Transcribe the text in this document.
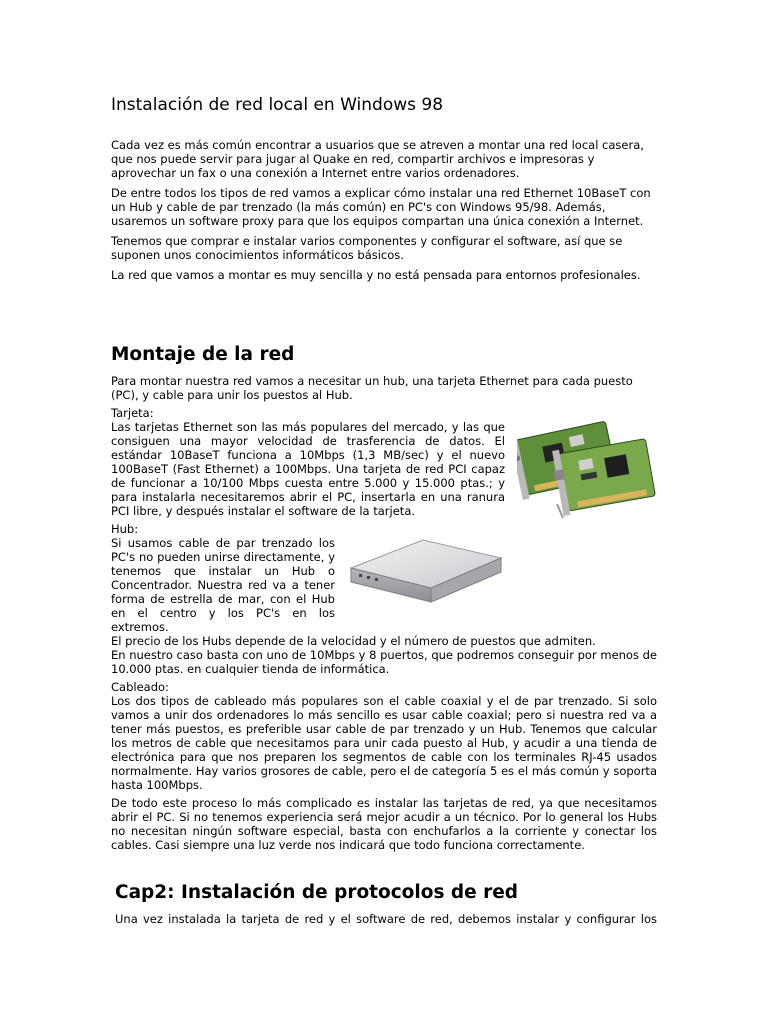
Instalación de red local en Windows 98

Cada vez es más común encontrar a usuarios que se atreven a montar una red local casera, que nos puede servir para jugar al Quake en red, compartir archivos e impresoras y aprovechar un fax o una conexión a Internet entre varios ordenadores.

De entre todos los tipos de red vamos a explicar cómo instalar una red Ethernet 10BaseT con un Hub y cable de par trenzado (la más común) en PC's con Windows 95/98. Además, usaremos un software proxy para que los equipos compartan una única conexión a Internet.

Tenemos que comprar e instalar varios componentes y configurar el software, así que se suponen unos conocimientos informáticos básicos.

La red que vamos a montar es muy sencilla y no está pensada para entornos profesionales.

Montaje de la red

Para montar nuestra red vamos a necesitar un hub, una tarjeta Ethernet para cada puesto (PC), y cable para unir los puestos al Hub.

Tarjeta:

Las tarjetas Ethernet son las más populares del mercado, y las que consiguen una mayor velocidad de trasferencia de datos. El estándar 10BaseT funciona a 10Mbps (1,3 MB/sec) y el nuevo 100BaseT (Fast Ethernet) a 100Mbps. Una tarjeta de red PCI capaz de funcionar a 10/100 Mbps cuesta entre 5.000 y 15.000 ptas.; y para instalarla necesitaremos abrir el PC, insertarla en una ranura PCI libre, y después instalar el software de la tarjeta.

Hub:

Si usamos cable de par trenzado los PC's no pueden unirse directamente, y tenemos que instalar un Hub o Concentrador. Nuestra red va a tener forma de estrella de mar, con el Hub en el centro y los PC's en los extremos.

El precio de los Hubs depende de la velocidad y el número de puestos que admiten.

En nuestro caso basta con uno de 10Mbps y 8 puertos, que podremos conseguir por menos de 10.000 ptas. en cualquier tienda de informática.

Cableado:

Los dos tipos de cableado más populares son el cable coaxial y el de par trenzado. Si solo vamos a unir dos ordenadores lo más sencillo es usar cable coaxial; pero si nuestra red va a tener más puestos, es preferible usar cable de par trenzado y un Hub. Tenemos que calcular los metros de cable que necesitamos para unir cada puesto al Hub, y acudir a una tienda de electrónica para que nos preparen los segmentos de cable con los terminales RJ-45 usados normalmente. Hay varios grosores de cable, pero el de categoría 5 es el más común y soporta hasta 100Mbps.

De todo este proceso lo más complicado es instalar las tarjetas de red, ya que necesitamos abrir el PC. Si no tenemos experiencia será mejor acudir a un técnico. Por lo general los Hubs no necesitan ningún software especial, basta con enchufarlos a la corriente y conectar los cables. Casi siempre una luz verde nos indicará que todo funciona correctamente.

Cap2: Instalación de protocolos de red

Una vez instalada la tarjeta de red y el software de red, debemos instalar y configurar los
